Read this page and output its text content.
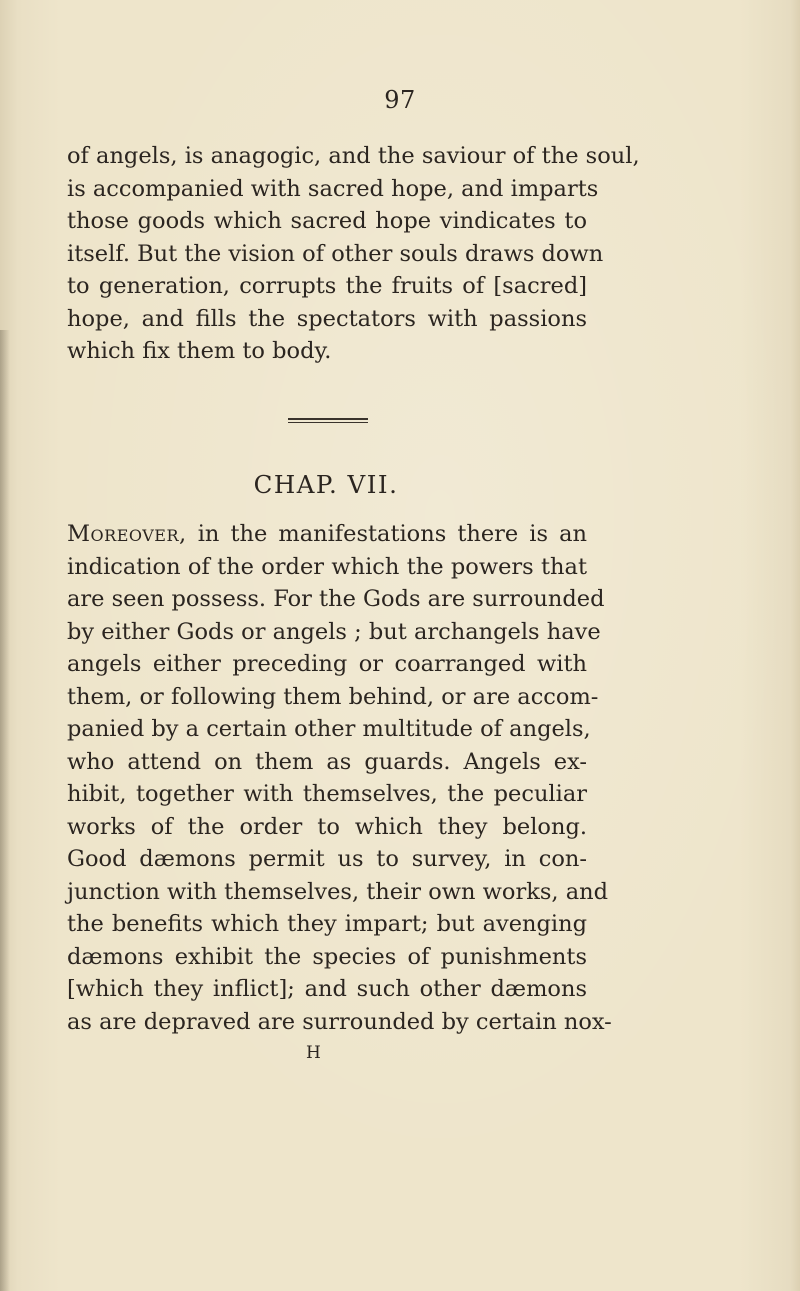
97
of angels, is anagogic, and the saviour of the soul,
is accompanied with sacred hope, and imparts
those goods which sacred hope vindicates to
itself. But the vision of other souls draws down
to generation, corrupts the fruits of [sacred]
hope, and fills the spectators with passions
which fix them to body.
CHAP. VII.
Moreover, in the manifestations there is an
indication of the order which the powers that
are seen possess. For the Gods are surrounded
by either Gods or angels ; but archangels have
angels either preceding or coarranged with
them, or following them behind, or are accom-
panied by a certain other multitude of angels,
who attend on them as guards. Angels ex-
hibit, together with themselves, the peculiar
works of the order to which they belong.
Good dæmons permit us to survey, in con-
junction with themselves, their own works, and
the benefits which they impart; but avenging
dæmons exhibit the species of punishments
[which they inflict]; and such other dæmons
as are depraved are surrounded by certain nox-
H
